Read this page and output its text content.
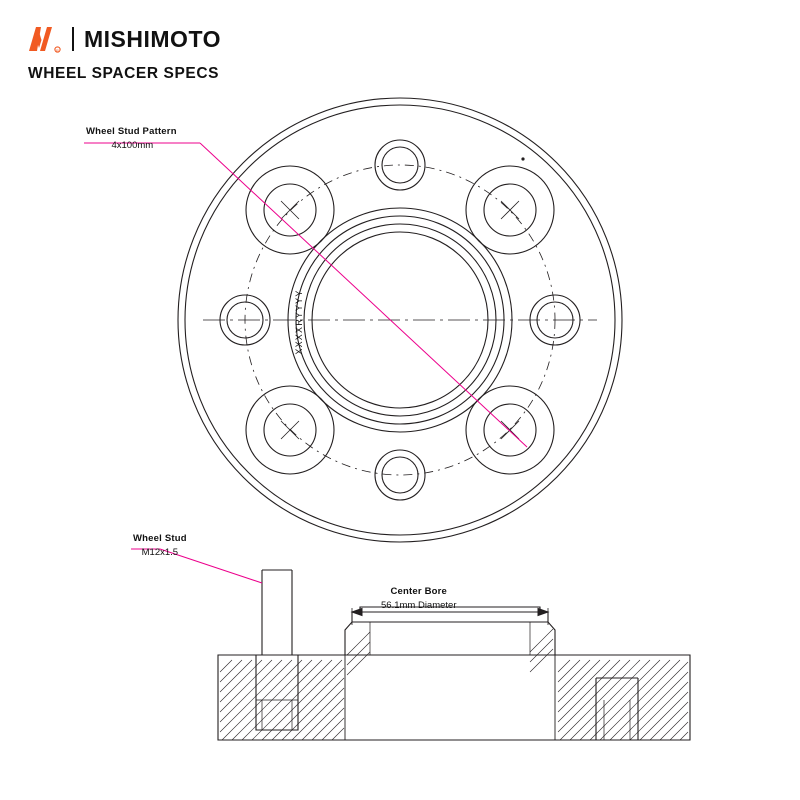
R MISHIMOTO
WHEEL SPACER SPECS
XXXXRYYYY
Wheel Stud Pattern
4x100mm
Wheel Stud
M12x1.5
Center Bore
56.1mm Diameter
